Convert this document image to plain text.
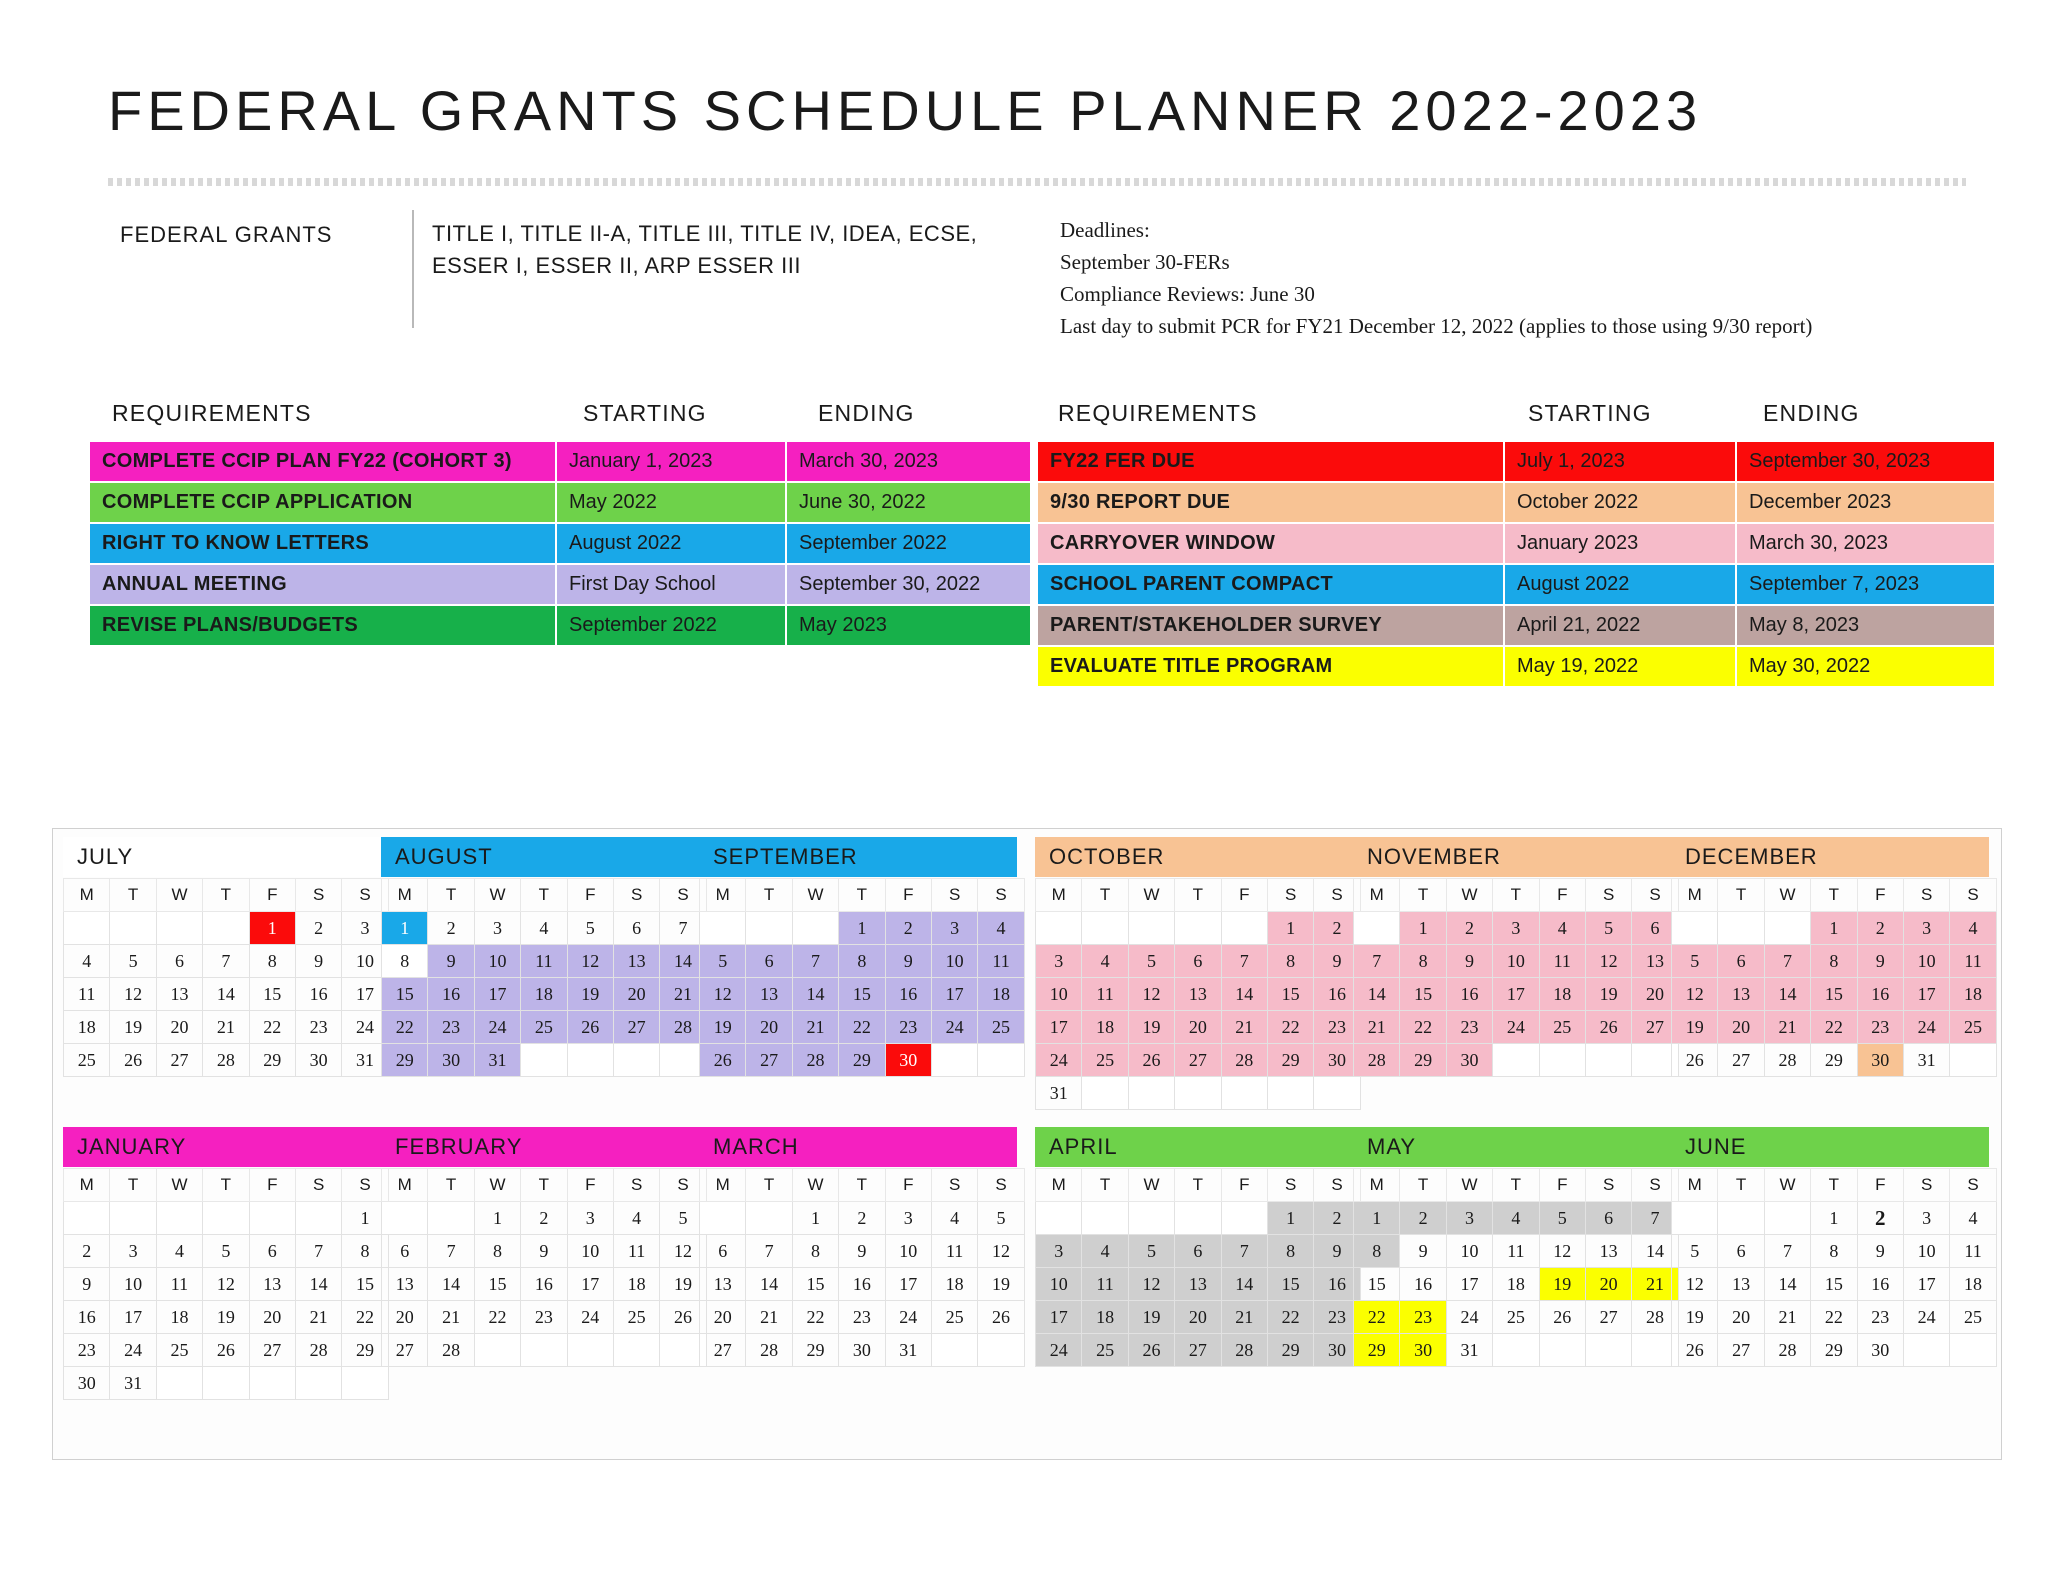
FEDERAL GRANTS SCHEDULE PLANNER 2022-2023
FEDERAL GRANTS	TITLE I, TITLE II-A, TITLE III, TITLE IV, IDEA, ECSE, ESSER I, ESSER II, ARP ESSER III
Deadlines:
September 30-FERs
Compliance Reviews: June 30
Last day to submit PCR for FY21 December 12, 2022 (applies to those using 9/30 report)
REQUIREMENTS	STARTING	ENDING	REQUIREMENTS	STARTING	ENDING
COMPLETE CCIP PLAN FY22 (COHORT 3)	January 1, 2023	March 30, 2023
COMPLETE CCIP APPLICATION	May 2022	June 30, 2022
RIGHT TO KNOW LETTERS	August 2022	September 2022
ANNUAL MEETING	First Day School	September 30, 2022
REVISE PLANS/BUDGETS	September 2022	May 2023
FY22 FER DUE	July 1, 2023	September 30, 2023
9/30 REPORT DUE	October 2022	December 2023
CARRYOVER WINDOW	January 2023	March 30, 2023
SCHOOL PARENT COMPACT	August 2022	September 7, 2023
PARENT/STAKEHOLDER SURVEY	April 21, 2022	May 8, 2023
EVALUATE TITLE PROGRAM	May 19, 2022	May 30, 2022
JULY
M	T	W	T	F	S	S
				1	2	3
4	5	6	7	8	9	10
11	12	13	14	15	16	17
18	19	20	21	22	23	24
25	26	27	28	29	30	31
AUGUST
M	T	W	T	F	S	S
1	2	3	4	5	6	7
8	9	10	11	12	13	14
15	16	17	18	19	20	21
22	23	24	25	26	27	28
29	30	31				
SEPTEMBER
M	T	W	T	F	S	S
			1	2	3	4
5	6	7	8	9	10	11
12	13	14	15	16	17	18
19	20	21	22	23	24	25
26	27	28	29	30		
OCTOBER
M	T	W	T	F	S	S
					1	2
3	4	5	6	7	8	9
10	11	12	13	14	15	16
17	18	19	20	21	22	23
24	25	26	27	28	29	30
31						
NOVEMBER
M	T	W	T	F	S	S
	1	2	3	4	5	6
7	8	9	10	11	12	13
14	15	16	17	18	19	20
21	22	23	24	25	26	27
28	29	30				
DECEMBER
M	T	W	T	F	S	S
			1	2	3	4
5	6	7	8	9	10	11
12	13	14	15	16	17	18
19	20	21	22	23	24	25
26	27	28	29	30	31	
JANUARY
M	T	W	T	F	S	S
						1
2	3	4	5	6	7	8
9	10	11	12	13	14	15
16	17	18	19	20	21	22
23	24	25	26	27	28	29
30	31					
FEBRUARY
M	T	W	T	F	S	S
		1	2	3	4	5
6	7	8	9	10	11	12
13	14	15	16	17	18	19
20	21	22	23	24	25	26
27	28					
MARCH
M	T	W	T	F	S	S
		1	2	3	4	5
6	7	8	9	10	11	12
13	14	15	16	17	18	19
20	21	22	23	24	25	26
27	28	29	30	31		
APRIL
M	T	W	T	F	S	S
					1	2
3	4	5	6	7	8	9
10	11	12	13	14	15	16
17	18	19	20	21	22	23
24	25	26	27	28	29	30
MAY
M	T	W	T	F	S	S
1	2	3	4	5	6	7
8	9	10	11	12	13	14
15	16	17	18	19	20	21
22	23	24	25	26	27	28
29	30	31				
JUNE
M	T	W	T	F	S	S
			1	2	3	4
5	6	7	8	9	10	11
12	13	14	15	16	17	18
19	20	21	22	23	24	25
26	27	28	29	30		
